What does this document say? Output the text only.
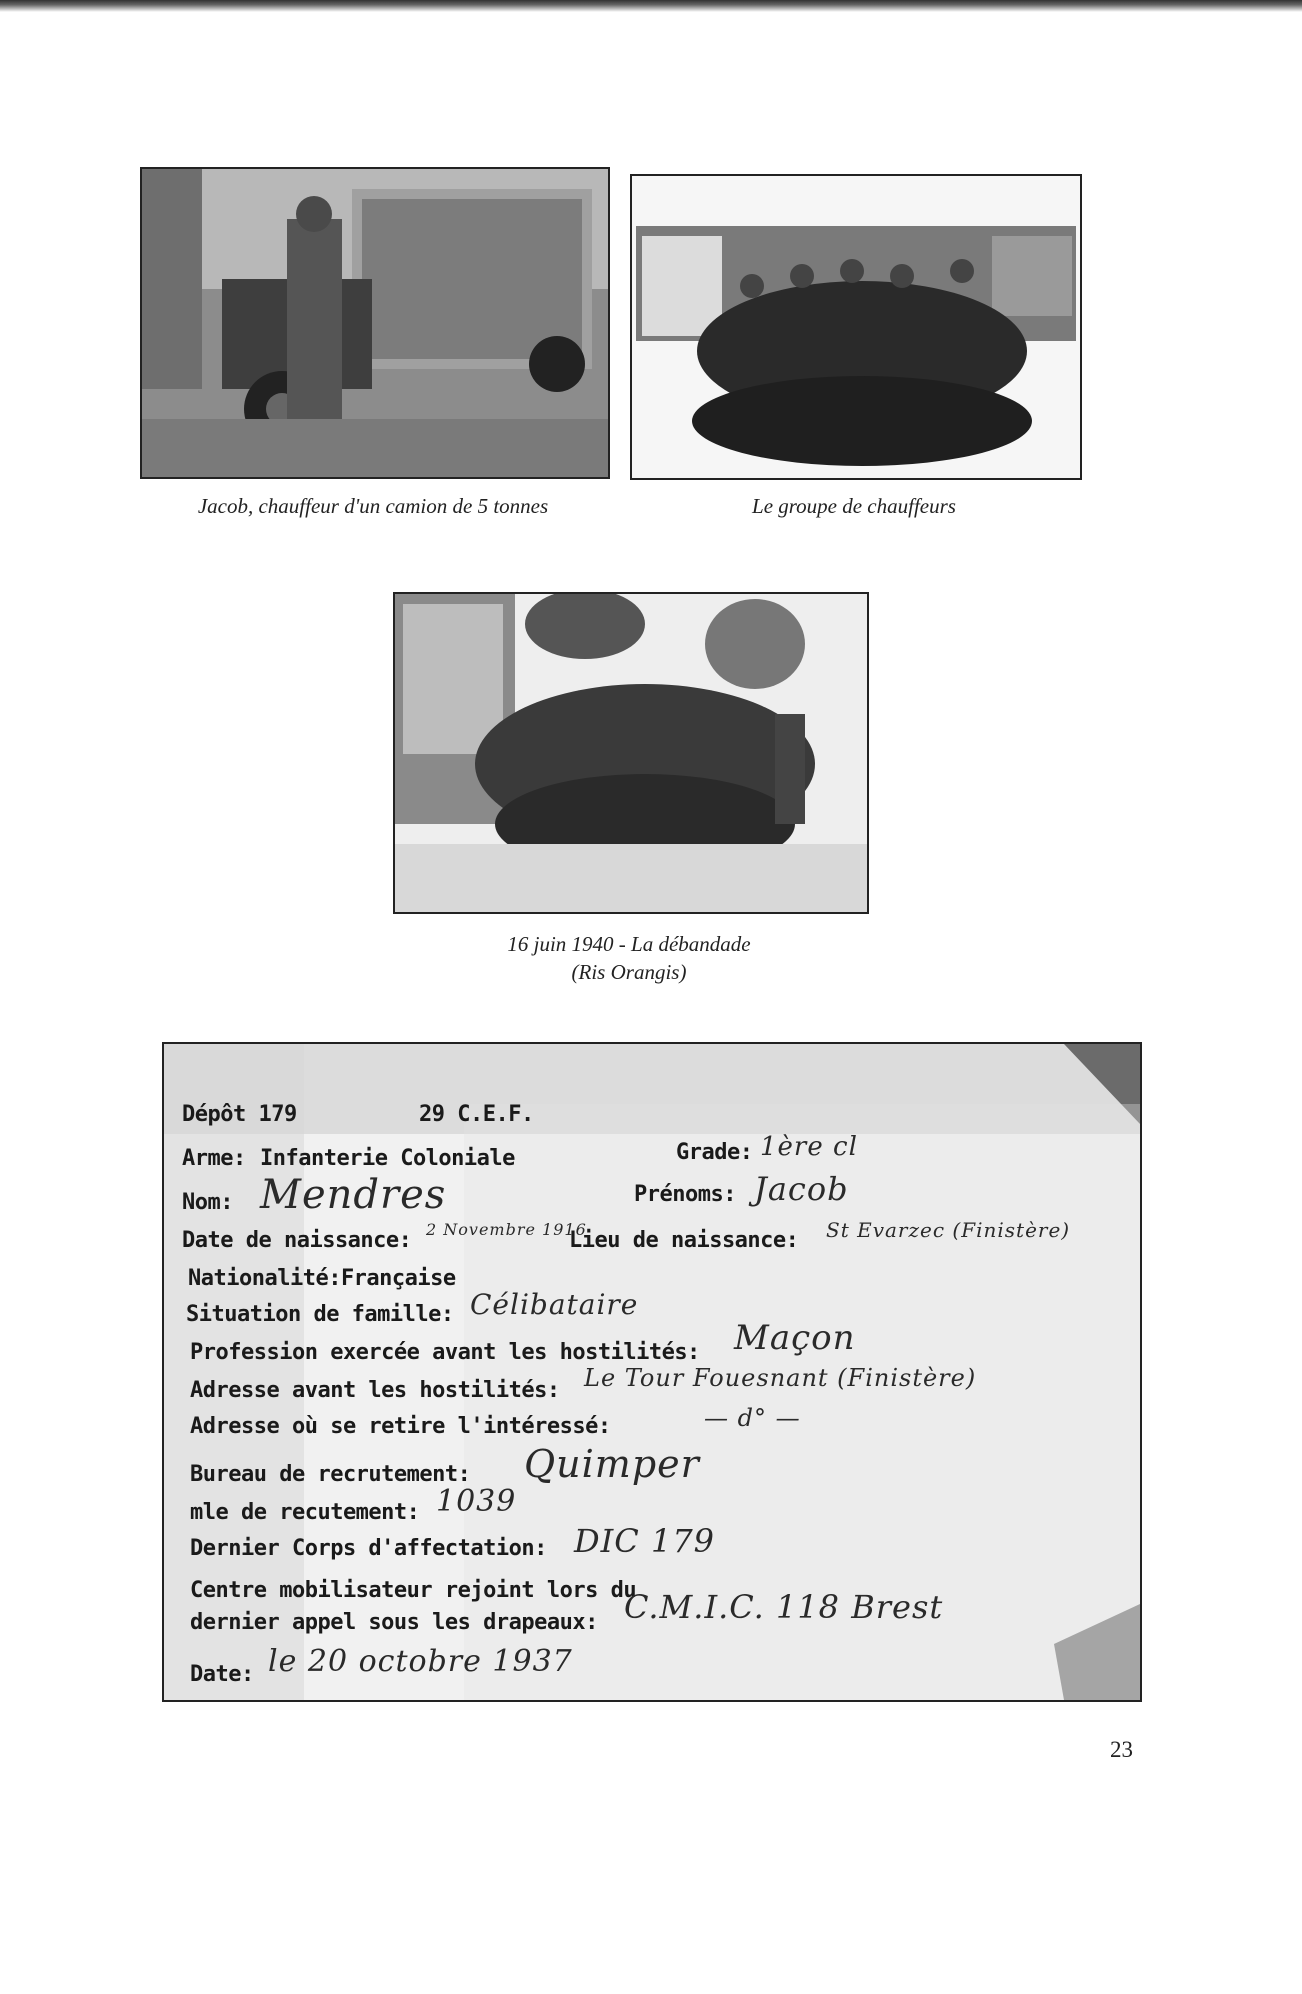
Jacob, chauffeur d'un camion de 5 tonnes	Le groupe de chauffeurs
16 juin 1940 - La débandade
(Ris Orangis)
Dépôt 179	29 C.E.F.
Arme: Infanterie Coloniale	Grade: 1ère cl
Nom: Mendres	Prénoms: Jacob
Date de naissance: 2 Novembre 1916
Lieu de naissance: St Evarzec (Finistère)
Nationalité:Française
Situation de famille: Célibataire
Profession exercée avant les hostilités: Maçon
Adresse avant les hostilités: Le Tour Fouesnant (Finistère)
Adresse où se retire l'intéressé:	— d° —
Bureau de recrutement: Quimper
mle de recutement: 1039
Dernier Corps d'affectation: DIC 179
Centre mobilisateur rejoint lors du
dernier appel sous les drapeaux: C.M.I.C. 118 Brest
Date: le 20 octobre 1937
23
